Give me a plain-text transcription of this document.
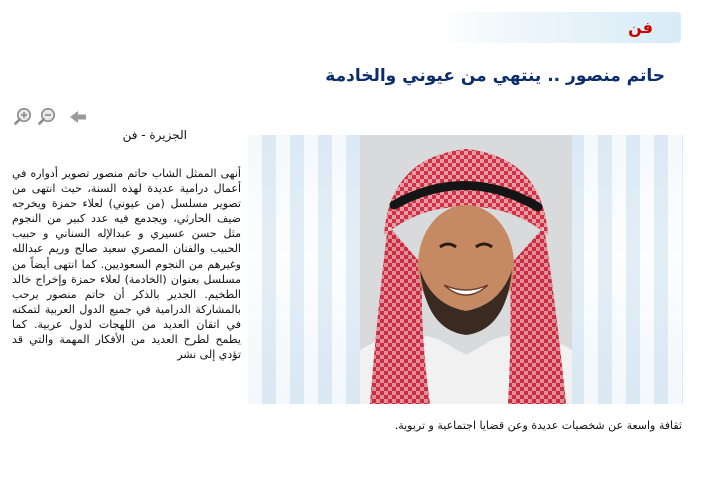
فن
حاتم منصور .. ينتهي من عيوني والخادمة

ثقافة واسعة عن شخصيات عديدة وعن قضايا اجتماعية و تربوية.

الجزيرة - فن

أنهى الممثل الشاب حاتم منصور تصوير أدواره في أعمال درامية عديدة لهذه السنة، حيث انتهى من تصوير مسلسل (من عيوني) لعلاء حمزة ويخرجه ضيف الحارثي، ويجدمع فيه عدد كبير من النجوم مثل حسن عسيري و عبدالإله السناني و حبيب الحبيب والفنان المصري سعيد صالح وريم عبدالله وغيرهم من النجوم السعوديين. كما انتهى أيضاً من مسلسل بعنوان (الخادمة) لعلاء حمزة وإخراج خالد الطخيم. الجدير بالذكر أن حاتم منصور يرحب بالمشاركة الدرامية في جميع الدول العربية لتمكنه في اتقان العديد من اللهجات لدول عربية. كما يطمح لطرح العديد من الأفكار المهمة والتي قد تؤدي إلى نشر
